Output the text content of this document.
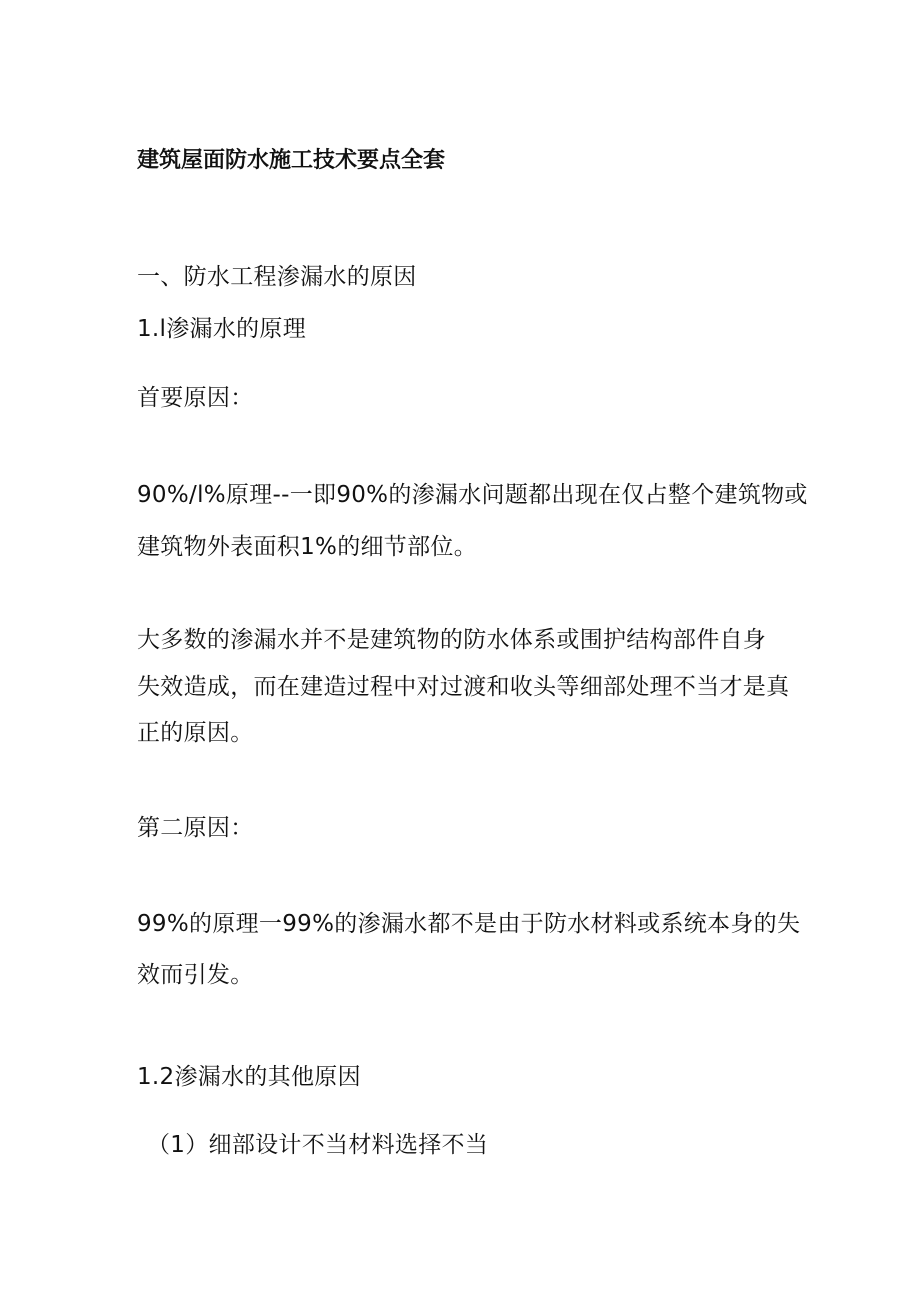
建筑屋面防水施工技术要点全套
一、防水工程渗漏水的原因
1.l渗漏水的原理

首要原因：

90%/l%原理--一即90%的渗漏水问题都出现在仅占整个建筑物或

建筑物外表面积1%的细节部位。

大多数的渗漏水并不是建筑物的防水体系或围护结构部件自身

失效造成，而在建造过程中对过渡和收头等细部处理不当才是真

正的原因。

第二原因：

99%的原理一99%的渗漏水都不是由于防水材料或系统本身的失

效而引发。

1.2渗漏水的其他原因

（1）细部设计不当材料选择不当
